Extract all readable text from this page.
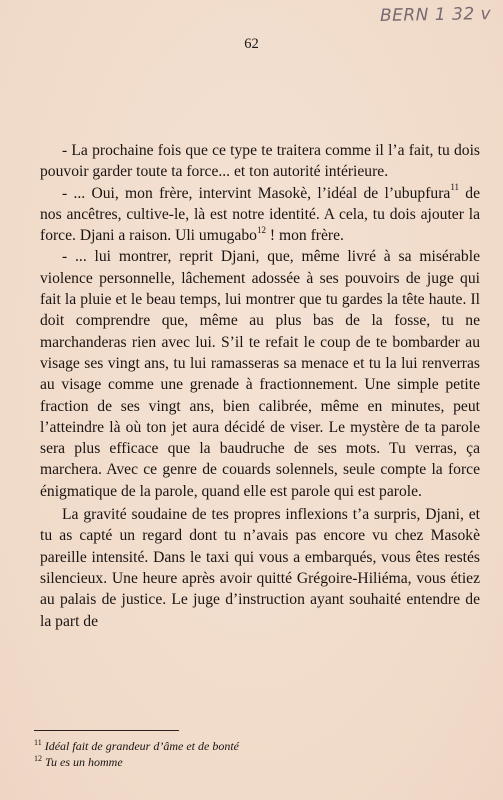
BERN 1 32 v
62

- La prochaine fois que ce type te traitera comme il l’a fait, tu dois pouvoir garder toute ta force... et ton autorité intérieure.

- ... Oui, mon frère, intervint Masokè, l’idéal de l’ubupfura$^{11}$ de nos ancêtres, cultive-le, là est notre identité. A cela, tu dois ajouter la force. Djani a raison. Uli umugabo$^{12}$ ! mon frère.

- ... lui montrer, reprit Djani, que, même livré à sa misérable violence personnelle, lâchement adossée à ses pouvoirs de juge qui fait la pluie et le beau temps, lui montrer que tu gardes la tête haute. Il doit comprendre que, même au plus bas de la fosse, tu ne marchanderas rien avec lui. S’il te refait le coup de te bombarder au visage ses vingt ans, tu lui ramasseras sa menace et tu la lui renverras au visage comme une grenade à fractionnement. Une simple petite fraction de ses vingt ans, bien calibrée, même en minutes, peut l’atteindre là où ton jet aura décidé de viser. Le mystère de ta parole sera plus efficace que la baudruche de ses mots. Tu verras, ça marchera. Avec ce genre de couards solennels, seule compte la force énigmatique de la parole, quand elle est parole qui est parole.

La gravité soudaine de tes propres inflexions t’a surpris, Djani, et tu as capté un regard dont tu n’avais pas encore vu chez Masokè pareille intensité. Dans le taxi qui vous a embarqués, vous êtes restés silencieux. Une heure après avoir quitté Grégoire-Hiliéma, vous étiez au palais de justice. Le juge d’instruction ayant souhaité entendre de la part de

$^{11}$ Idéal fait de grandeur d’âme et de bonté
$^{12}$ Tu es un homme
